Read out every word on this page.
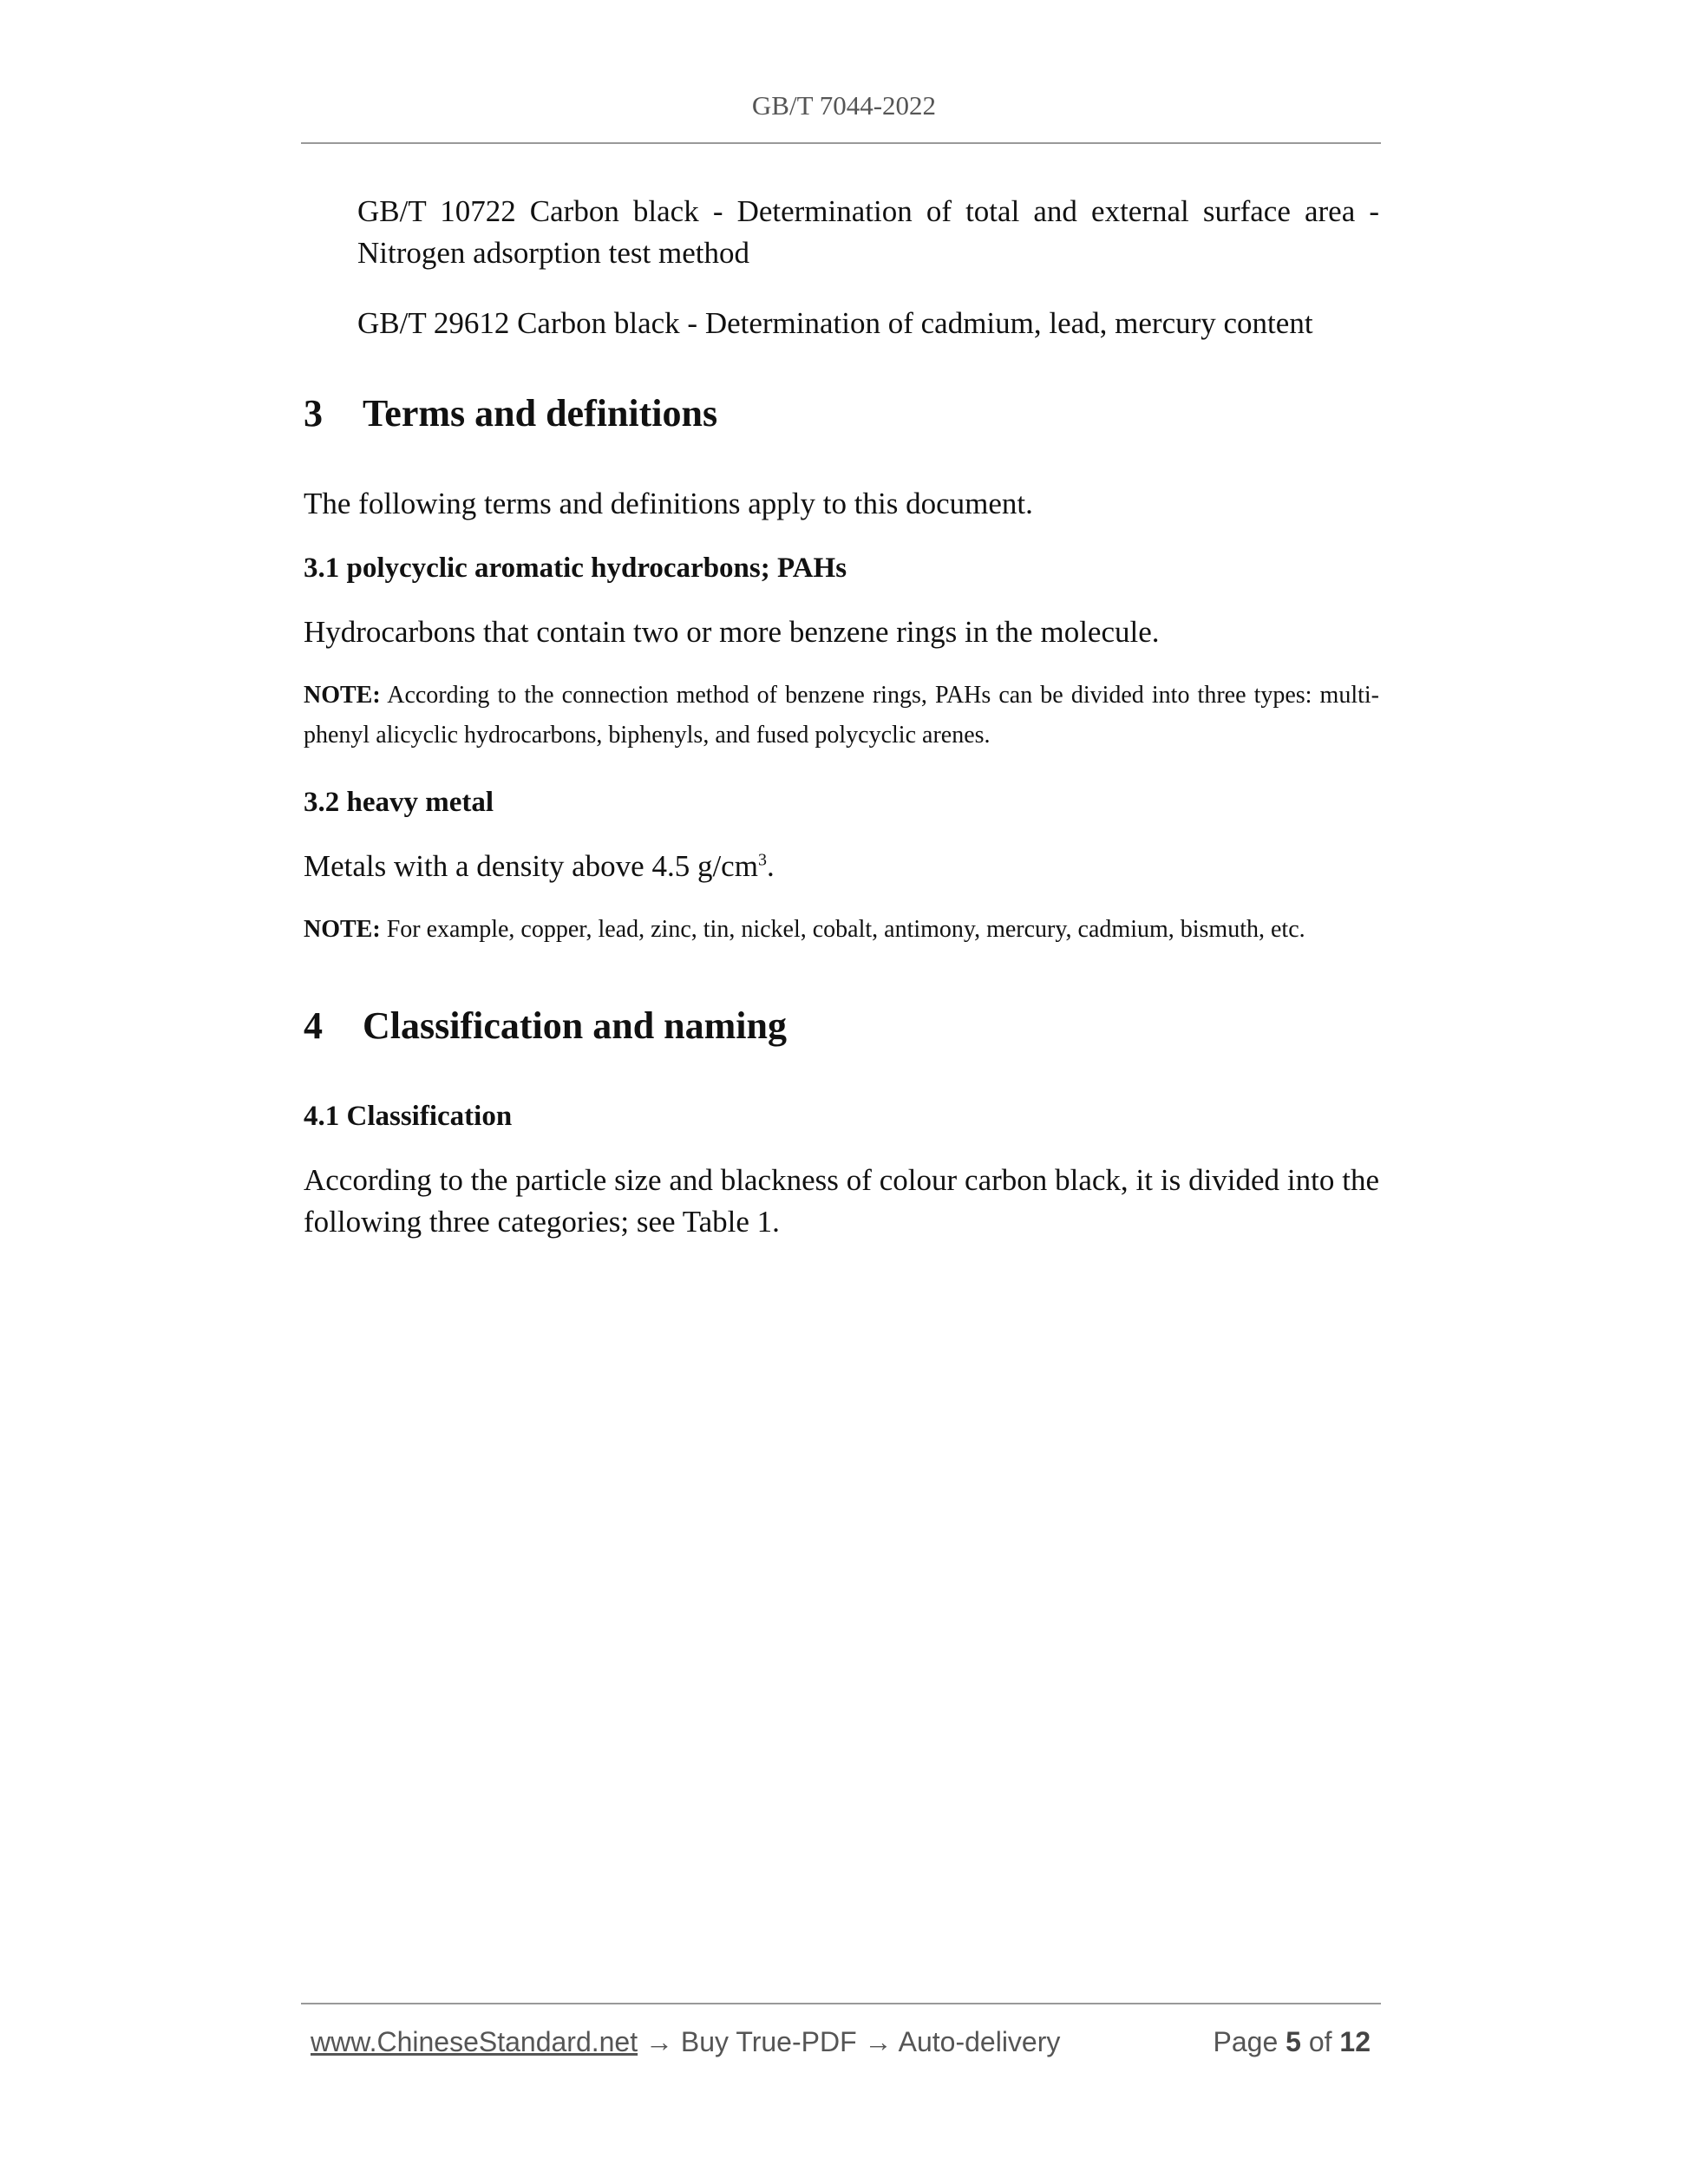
GB/T 7044-2022

GB/T 10722 Carbon black - Determination of total and external surface area - Nitrogen adsorption test method

GB/T 29612 Carbon black - Determination of cadmium, lead, mercury content

3 Terms and definitions

The following terms and definitions apply to this document.

3.1 polycyclic aromatic hydrocarbons; PAHs

Hydrocarbons that contain two or more benzene rings in the molecule.

NOTE: According to the connection method of benzene rings, PAHs can be divided into three types: multi-phenyl alicyclic hydrocarbons, biphenyls, and fused polycyclic arenes.

3.2 heavy metal

Metals with a density above 4.5 $g/cm^3$.

NOTE: For example, copper, lead, zinc, tin, nickel, cobalt, antimony, mercury, cadmium, bismuth, etc.

4 Classification and naming

4.1 Classification

According to the particle size and blackness of colour carbon black, it is divided into the following three categories; see Table 1.

www.ChineseStandard.net → Buy True-PDF → Auto-delivery	Page 5 of 12
